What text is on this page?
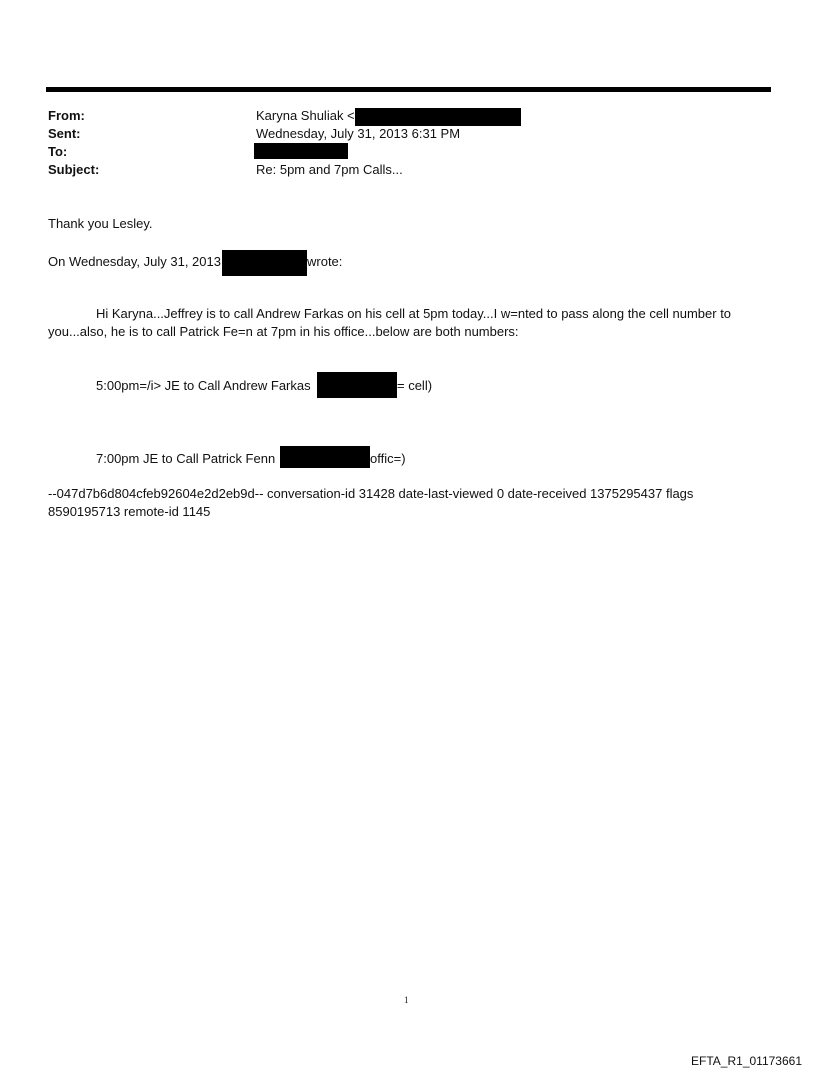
From:	Karyna Shuliak <
Sent:	Wednesday, July 31, 2013 6:31 PM
To:
Subject:	Re: 5pm and 7pm Calls...
Thank you Lesley.
On Wednesday, July 31, 2013	wrote:
Hi Karyna...Jeffrey is to call Andrew Farkas on his cell at 5pm today...I w=nted to pass along the cell number to
you...also, he is to call Patrick Fe=n at 7pm in his office...below are both numbers:
5:00pm=/i> JE to Call Andrew Farkas	= cell)
7:00pm JE to Call Patrick Fenn	offic=)
--047d7b6d804cfeb92604e2d2eb9d-- conversation-id 31428 date-last-viewed 0 date-received 1375295437 flags
8590195713 remote-id 1145
1
EFTA_R1_01173661
